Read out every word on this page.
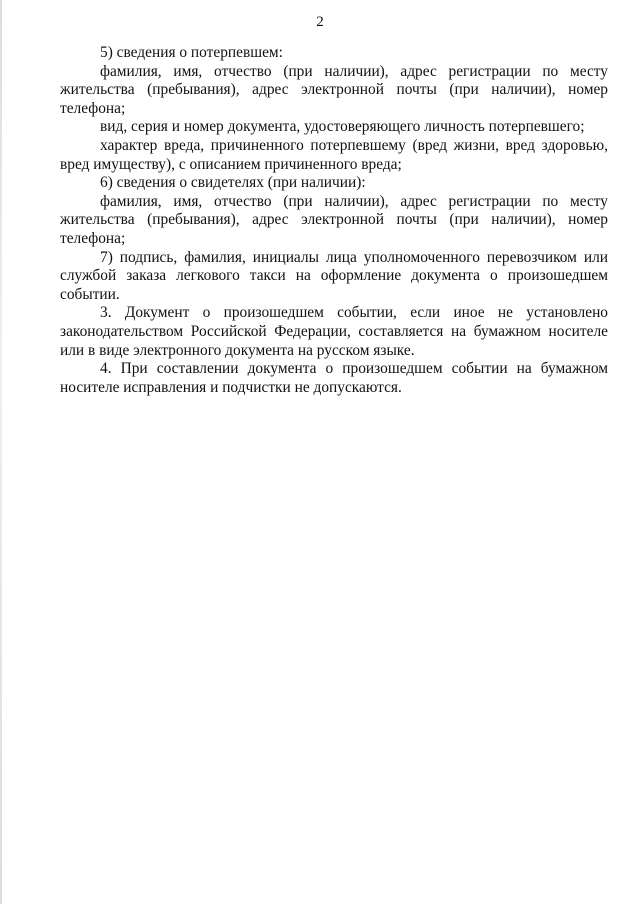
2

5) сведения о потерпевшем:

фамилия, имя, отчество (при наличии), адрес регистрации по месту жительства (пребывания), адрес электронной почты (при наличии), номер телефона;

вид, серия и номер документа, удостоверяющего личность потерпевшего;

характер вреда, причиненного потерпевшему (вред жизни, вред здоровью, вред имуществу), с описанием причиненного вреда;

6) сведения о свидетелях (при наличии):

фамилия, имя, отчество (при наличии), адрес регистрации по месту жительства (пребывания), адрес электронной почты (при наличии), номер телефона;

7) подпись, фамилия, инициалы лица уполномоченного перевозчиком или службой заказа легкового такси на оформление документа о произошедшем событии.

3. Документ о произошедшем событии, если иное не установлено законодательством Российской Федерации, составляется на бумажном носителе или в виде электронного документа на русском языке.

4. При составлении документа о произошедшем событии на бумажном носителе исправления и подчистки не допускаются.
